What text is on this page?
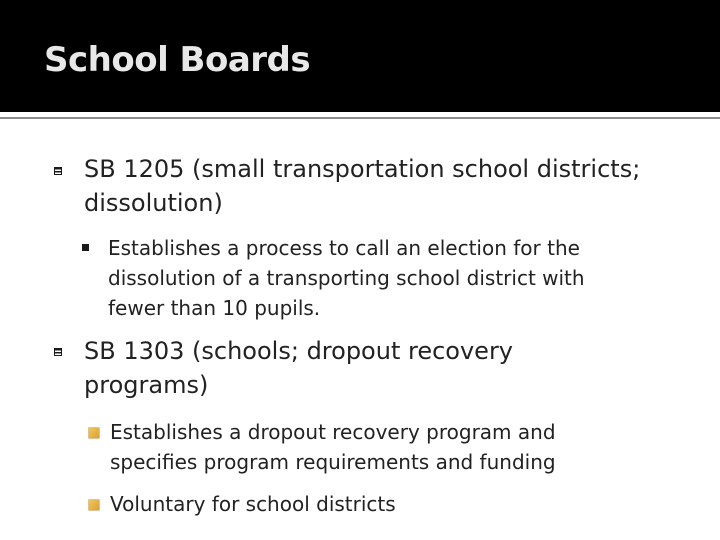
School Boards
SB 1205 (small transportation school districts;
dissolution)
Establishes a process to call an election for the
dissolution of a transporting school district with
fewer than 10 pupils.
SB 1303 (schools; dropout recovery
programs)
Establishes a dropout recovery program and
specifies program requirements and funding
Voluntary for school districts
